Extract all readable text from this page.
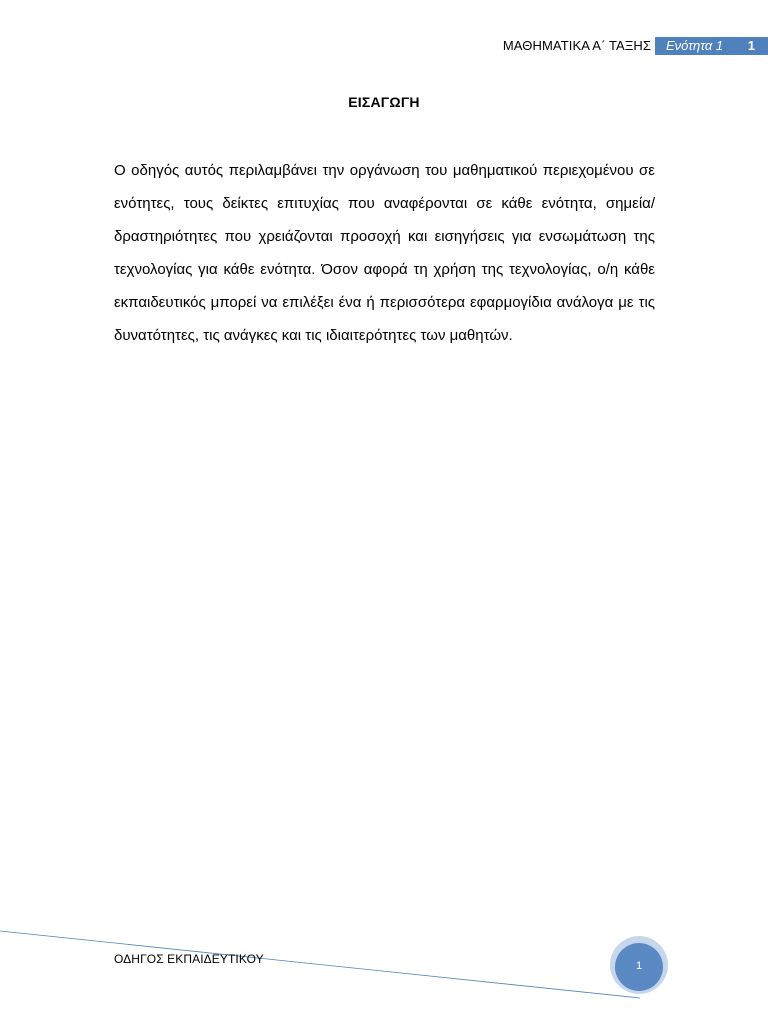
ΜΑΘΗΜΑΤΙΚΑ Α΄ ΤΑΞΗΣ Ενότητα 1 1
ΕΙΣΑΓΩΓΗ

Ο οδηγός αυτός περιλαμβάνει την οργάνωση του μαθηματικού περιεχομένου σε ενότητες, τους δείκτες επιτυχίας που αναφέρονται σε κάθε ενότητα, σημεία/δραστηριότητες που χρειάζονται προσοχή και εισηγήσεις για ενσωμάτωση της τεχνολογίας για κάθε ενότητα. Όσον αφορά τη χρήση της τεχνολογίας, ο/η κάθε εκπαιδευτικός μπορεί να επιλέξει ένα ή περισσότερα εφαρμογίδια ανάλογα με τις δυνατότητες, τις ανάγκες και τις ιδιαιτερότητες των μαθητών.

ΟΔΗΓΟΣ ΕΚΠΑΙΔΕΥΤΙΚΟΥ	1
